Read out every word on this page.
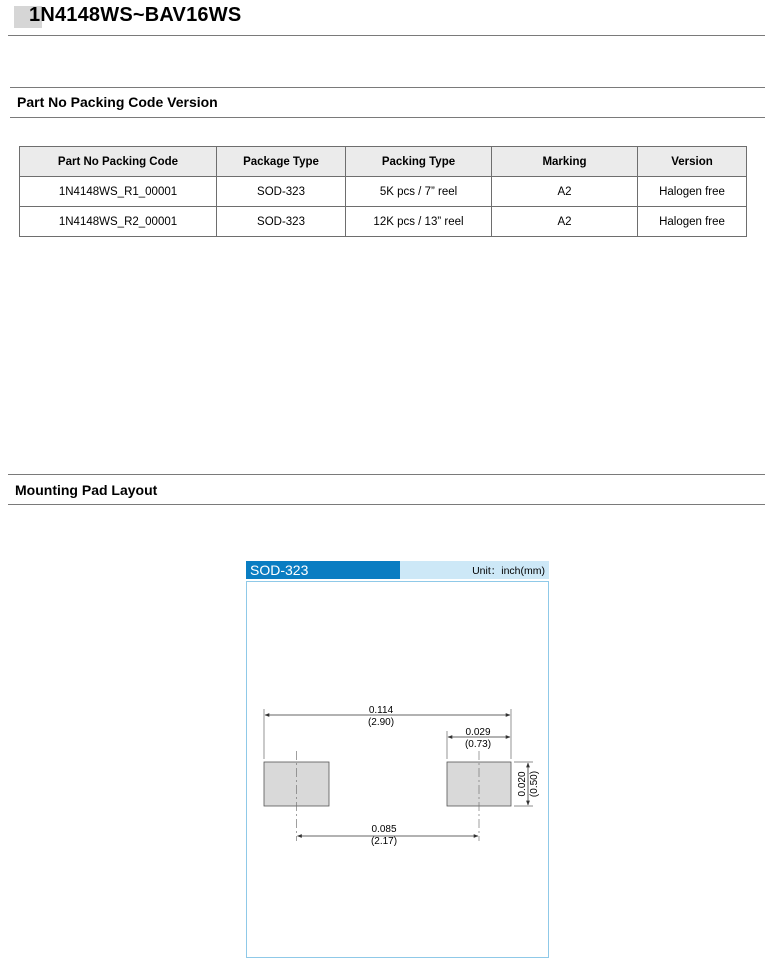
1N4148WS~BAV16WS
Part No Packing Code Version
Part No Packing Code	Package Type	Packing Type	Marking	Version
1N4148WS_R1_00001	SOD-323	5K pcs / 7” reel	A2	Halogen free
1N4148WS_R2_00001	SOD-323	12K pcs / 13” reel	A2	Halogen free
Mounting Pad Layout
SOD-323	Unit：inch(mm)
0.114
(2.90)
0.029
(0.73)
0.085
(2.17)
0.020 (0.50)
